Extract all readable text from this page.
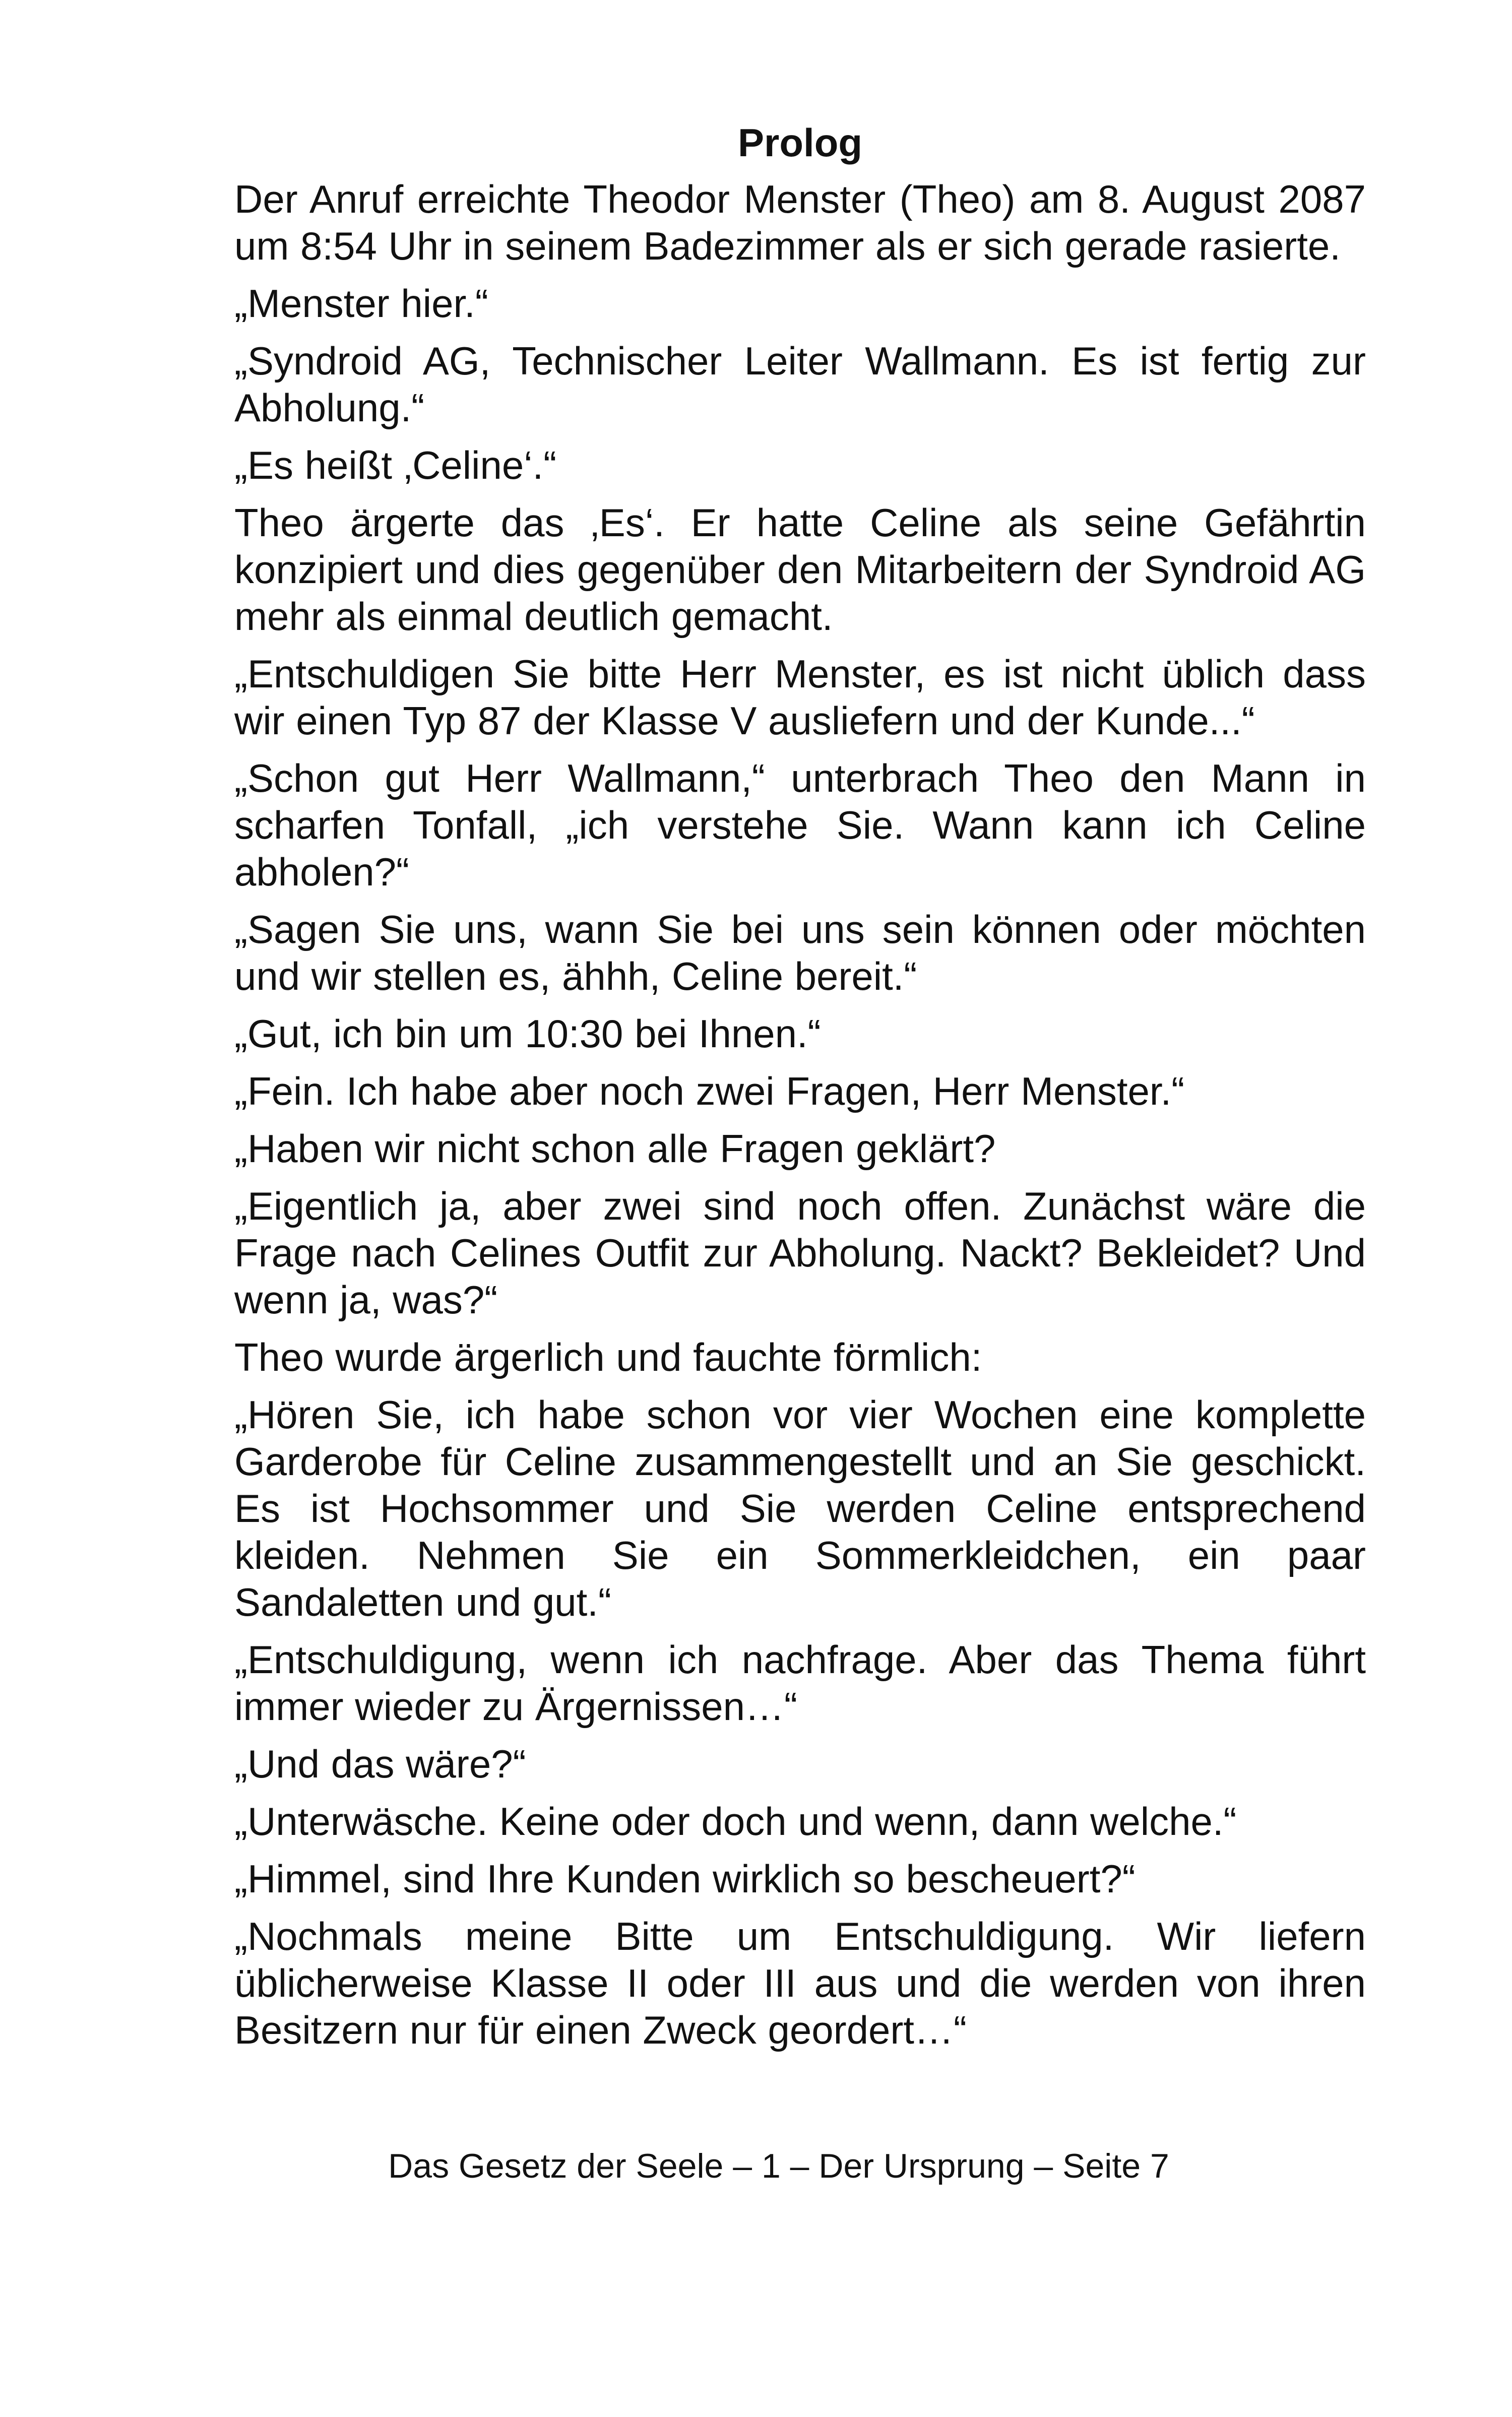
Prolog

Der Anruf erreichte Theodor Menster (Theo) am 8. August 2087 um 8:54 Uhr in seinem Badezimmer als er sich gerade rasierte.

„Menster hier.“

„Syndroid AG, Technischer Leiter Wallmann. Es ist fertig zur Abholung.“

„Es heißt ‚Celine‘.“

Theo ärgerte das ‚Es‘. Er hatte Celine als seine Gefährtin konzipiert und dies gegenüber den Mitarbeitern der Syndroid AG mehr als einmal deutlich gemacht.

„Entschuldigen Sie bitte Herr Menster, es ist nicht üblich dass wir einen Typ 87 der Klasse V ausliefern und der Kunde...“

„Schon gut Herr Wallmann,“ unterbrach Theo den Mann in scharfen Tonfall, „ich verstehe Sie. Wann kann ich Celine abholen?“

„Sagen Sie uns, wann Sie bei uns sein können oder möchten und wir stellen es, ähhh, Celine bereit.“

„Gut, ich bin um 10:30 bei Ihnen.“

„Fein. Ich habe aber noch zwei Fragen, Herr Menster.“

„Haben wir nicht schon alle Fragen geklärt?

„Eigentlich ja, aber zwei sind noch offen. Zunächst wäre die Frage nach Celines Outfit zur Abholung. Nackt? Bekleidet? Und wenn ja, was?“

Theo wurde ärgerlich und fauchte förmlich:

„Hören Sie, ich habe schon vor vier Wochen eine komplette Garderobe für Celine zusammengestellt und an Sie geschickt. Es ist Hochsommer und Sie werden Celine entsprechend kleiden. Nehmen Sie ein Sommerkleidchen, ein paar Sandaletten und gut.“

„Entschuldigung, wenn ich nachfrage. Aber das Thema führt immer wieder zu Ärgernissen…“

„Und das wäre?“

„Unterwäsche. Keine oder doch und wenn, dann welche.“

„Himmel, sind Ihre Kunden wirklich so bescheuert?“

„Nochmals meine Bitte um Entschuldigung. Wir liefern üblicherweise Klasse II oder III aus und die werden von ihren Besitzern nur für einen Zweck geordert…“

Das Gesetz der Seele – 1 – Der Ursprung – Seite 7
